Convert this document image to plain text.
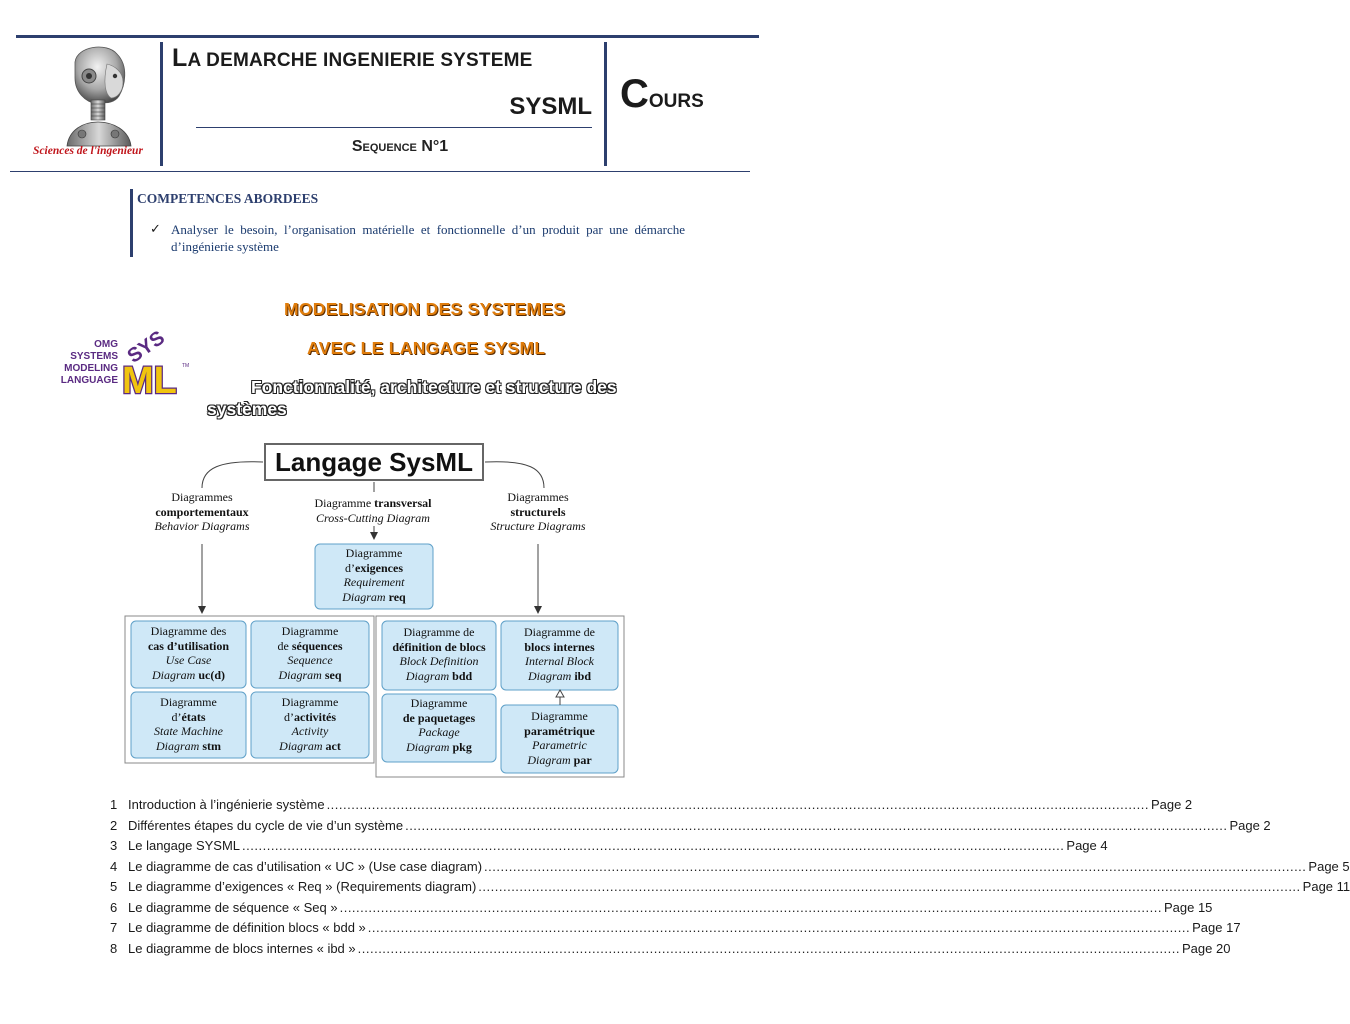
Sciences de l'ingenieur
LA DEMARCHE INGENIERIE SYSTEME
SYSML
Sequence N°1
COURS
COMPETENCES ABORDEES
✓ Analyser le besoin, l’organisation matérielle et fonctionnelle d’un produit par une démarche d’ingénierie système
MODELISATION DES SYSTEMES
AVEC LE LANGAGE SYSML
Fonctionnalité, architecture et structure des systèmes
OMG
SYSTEMS
MODELING
LANGUAGE
SYS
ML TM
Langage SysML
Diagrammes
comportementaux
Behavior Diagrams
Diagramme transversal
Cross-Cutting Diagram
Diagrammes
structurels
Structure Diagrams
Diagramme
d’exigences
Requirement
Diagram req
Diagramme des
cas d’utilisation
Use Case
Diagram uc(d)
Diagramme
de séquences
Sequence
Diagram seq
Diagramme
d’états
State Machine
Diagram stm
Diagramme
d’activités
Activity
Diagram act
Diagramme de
définition de blocs
Block Definition
Diagram bdd
Diagramme de
blocs internes
Internal Block
Diagram ibd
Diagramme
de paquetages
Package
Diagram pkg
Diagramme
paramétrique
Parametric
Diagram par
1 Introduction à l’ingénierie système ........................................................................................................................................................................................................ Page 2
2 Différentes étapes du cycle de vie d’un système ........................................................................................................................................................................................................ Page 2
3 Le langage SYSML ........................................................................................................................................................................................................ Page 4
4 Le diagramme de cas d’utilisation « UC » (Use case diagram) ........................................................................................................................................................................................................ Page 5
5 Le diagramme d’exigences « Req » (Requirements diagram) ........................................................................................................................................................................................................ Page 11
6 Le diagramme de séquence « Seq » ........................................................................................................................................................................................................ Page 15
7 Le diagramme de définition blocs « bdd » ........................................................................................................................................................................................................ Page 17
8 Le diagramme de blocs internes « ibd » ........................................................................................................................................................................................................ Page 20
